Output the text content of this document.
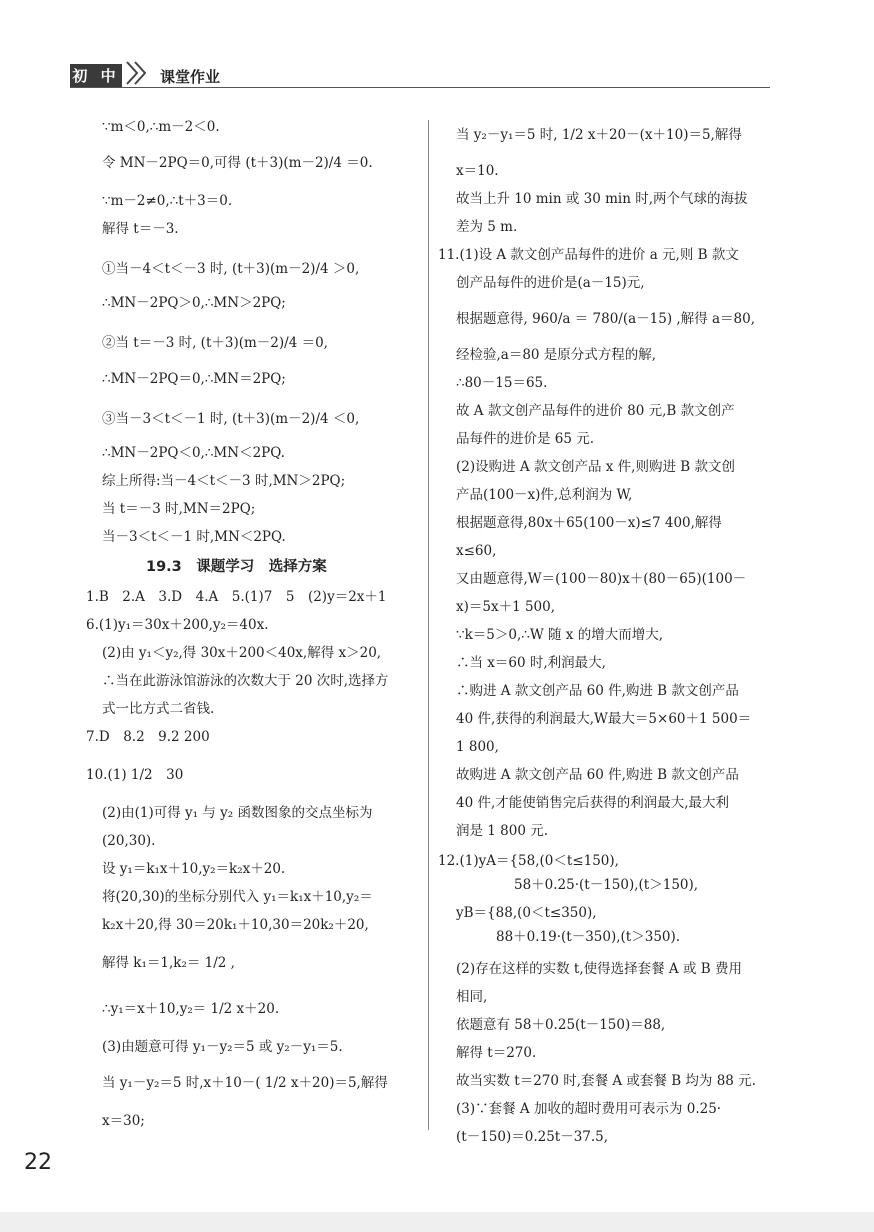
初 中	课堂作业
∵m＜0,∴m－2＜0.
令 MN－2PQ＝0,可得 (t＋3)(m－2)/4 ＝0.
∵m－2≠0,∴t＋3＝0.
解得 t＝－3.
①当－4＜t＜－3 时, (t＋3)(m－2)/4 ＞0,
∴MN－2PQ＞0,∴MN＞2PQ;
②当 t＝－3 时, (t＋3)(m－2)/4 ＝0,
∴MN－2PQ＝0,∴MN＝2PQ;
③当－3＜t＜－1 时, (t＋3)(m－2)/4 ＜0,
∴MN－2PQ＜0,∴MN＜2PQ.
综上所得:当－4＜t＜－3 时,MN＞2PQ;
当 t＝－3 时,MN＝2PQ;
当－3＜t＜－1 时,MN＜2PQ.
19.3　课题学习　选择方案
1.B　2.A　3.D　4.A　5.(1)7　5　(2)y＝2x＋1
6.(1)y₁＝30x＋200,y₂＝40x.
(2)由 y₁＜y₂,得 30x＋200＜40x,解得 x＞20,
∴当在此游泳馆游泳的次数大于 20 次时,选择方
式一比方式二省钱.
7.D　8.2　9.2 200
10.(1) 1/2　30
(2)由(1)可得 y₁ 与 y₂ 函数图象的交点坐标为
(20,30).
设 y₁＝k₁x＋10,y₂＝k₂x＋20.
将(20,30)的坐标分别代入 y₁＝k₁x＋10,y₂＝
k₂x＋20,得 30＝20k₁＋10,30＝20k₂＋20,
解得 k₁＝1,k₂＝ 1/2 ,
∴y₁＝x＋10,y₂＝ 1/2 x＋20.
(3)由题意可得 y₁－y₂＝5 或 y₂－y₁＝5.
当 y₁－y₂＝5 时,x＋10－( 1/2 x＋20)＝5,解得
x＝30;
当 y₂－y₁＝5 时, 1/2 x＋20－(x＋10)＝5,解得
x＝10.
故当上升 10 min 或 30 min 时,两个气球的海拔
差为 5 m.
11.(1)设 A 款文创产品每件的进价 a 元,则 B 款文
创产品每件的进价是(a－15)元,
根据题意得, 960/a ＝ 780/(a－15) ,解得 a＝80,
经检验,a＝80 是原分式方程的解,
∴80－15＝65.
故 A 款文创产品每件的进价 80 元,B 款文创产
品每件的进价是 65 元.
(2)设购进 A 款文创产品 x 件,则购进 B 款文创
产品(100－x)件,总利润为 W,
根据题意得,80x＋65(100－x)≤7 400,解得
x≤60,
又由题意得,W＝(100－80)x＋(80－65)(100－
x)＝5x＋1 500,
∵k＝5＞0,∴W 随 x 的增大而增大,
∴当 x＝60 时,利润最大,
∴购进 A 款文创产品 60 件,购进 B 款文创产品
40 件,获得的利润最大,W最大＝5×60＋1 500＝
1 800,
故购进 A 款文创产品 60 件,购进 B 款文创产品
40 件,才能使销售完后获得的利润最大,最大利
润是 1 800 元.
12.(1)yA＝{58,(0＜t≤150),
58＋0.25·(t－150),(t＞150),
yB＝{88,(0＜t≤350),
88＋0.19·(t－350),(t＞350).
(2)存在这样的实数 t,使得选择套餐 A 或 B 费用
相同,
依题意有 58＋0.25(t－150)＝88,
解得 t＝270.
故当实数 t＝270 时,套餐 A 或套餐 B 均为 88 元.
(3)∵套餐 A 加收的超时费用可表示为 0.25·
(t－150)＝0.25t－37.5,
22
